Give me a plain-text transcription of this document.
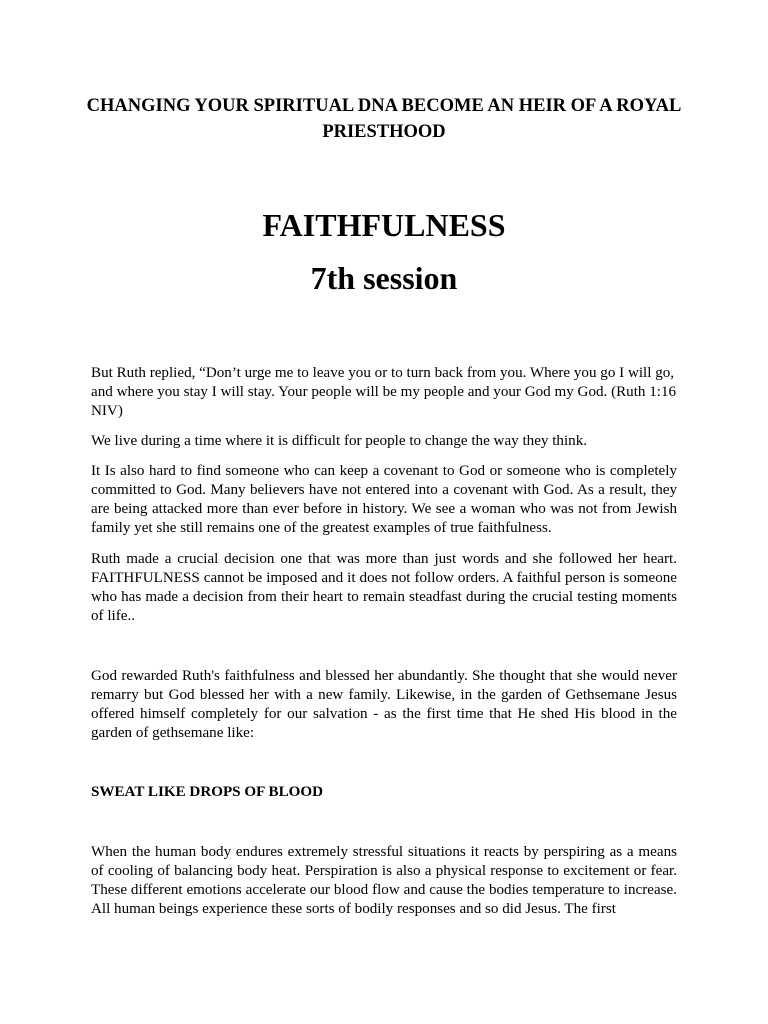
CHANGING YOUR SPIRITUAL DNA BECOME AN HEIR OF A ROYAL PRIESTHOOD
FAITHFULNESS
7th session

But Ruth replied, “Don’t urge me to leave you or to turn back from you. Where you go I will go, and where you stay I will stay. Your people will be my people and your God my God. (Ruth 1:16 NIV)

We live during a time where it is difficult for people to change the way they think.

It Is also hard to find someone who can keep a covenant to God or someone who is completely committed to God. Many believers have not entered into a covenant with God. As a result, they are being attacked more than ever before in history. We see a woman who was not from Jewish family yet she still remains one of the greatest examples of true faithfulness.

Ruth made a crucial decision one that was more than just words and she followed her heart. FAITHFULNESS cannot be imposed and it does not follow orders. A faithful person is someone who has made a decision from their heart to remain steadfast during the crucial testing moments of life..

God rewarded Ruth's faithfulness and blessed her abundantly. She thought that she would never remarry but God blessed her with a new family. Likewise, in the garden of Gethsemane Jesus offered himself completely for our salvation - as the first time that He shed His blood in the garden of gethsemane like:

SWEAT LIKE DROPS OF BLOOD

When the human body endures extremely stressful situations it reacts by perspiring as a means of cooling of balancing body heat. Perspiration is also a physical response to excitement or fear. These different emotions accelerate our blood flow and cause the bodies temperature to increase. All human beings experience these sorts of bodily responses and so did Jesus. The first
